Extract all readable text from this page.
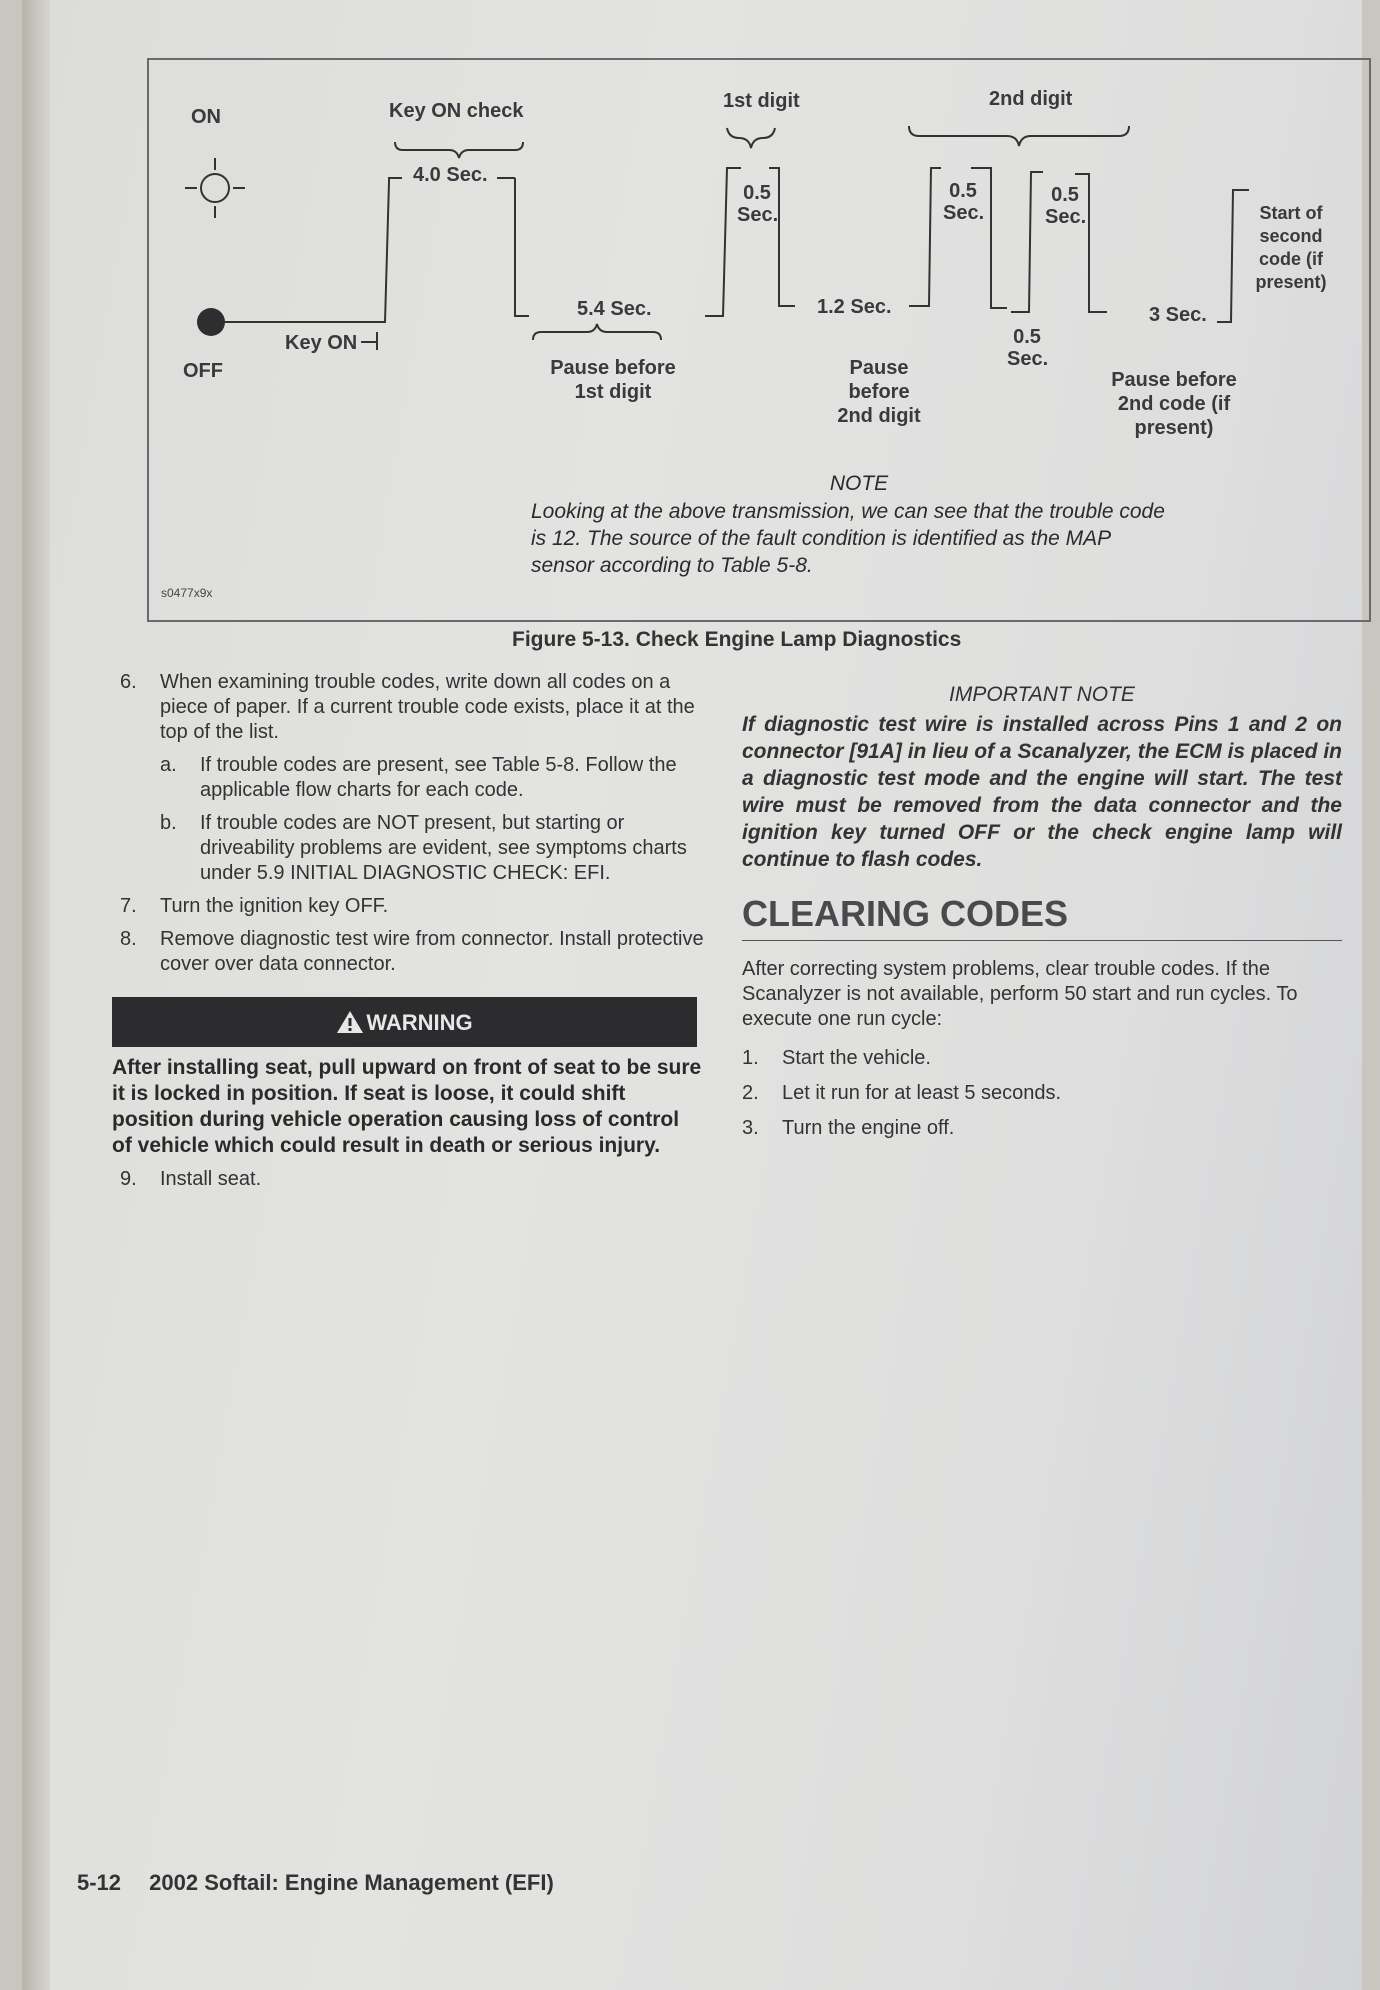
ON
OFF
Key ON check	1st digit	2nd digit
4.0 Sec.
Key ON
5.4 Sec.
0.5 Sec.
1.2 Sec.
0.5 Sec.
0.5 Sec.
0.5 Sec.
3 Sec.
Pause before 1st digit
Pause before 2nd digit
Pause before 2nd code (if present)
Start of second code (if present)
NOTE
Looking at the above transmission, we can see that the trouble code is 12. The source of the fault condition is identified as the MAP sensor according to Table 5-8.
s0477x9x
Figure 5-13. Check Engine Lamp Diagnostics
6. When examining trouble codes, write down all codes on a piece of paper. If a current trouble code exists, place it at the top of the list.
a. If trouble codes are present, see Table 5-8. Follow the applicable flow charts for each code.
b. If trouble codes are NOT present, but starting or driveability problems are evident, see symptoms charts under 5.9 INITIAL DIAGNOSTIC CHECK: EFI.
7. Turn the ignition key OFF.
8. Remove diagnostic test wire from connector. Install protective cover over data connector.
WARNING
After installing seat, pull upward on front of seat to be sure it is locked in position. If seat is loose, it could shift position during vehicle operation causing loss of control of vehicle which could result in death or serious injury.
9. Install seat.
IMPORTANT NOTE
If diagnostic test wire is installed across Pins 1 and 2 on connector [91A] in lieu of a Scanalyzer, the ECM is placed in a diagnostic test mode and the engine will start. The test wire must be removed from the data connector and the ignition key turned OFF or the check engine lamp will continue to flash codes.
CLEARING CODES
After correcting system problems, clear trouble codes. If the Scanalyzer is not available, perform 50 start and run cycles. To execute one run cycle:
1. Start the vehicle.
2. Let it run for at least 5 seconds.
3. Turn the engine off.
5-12 2002 Softail: Engine Management (EFI)
